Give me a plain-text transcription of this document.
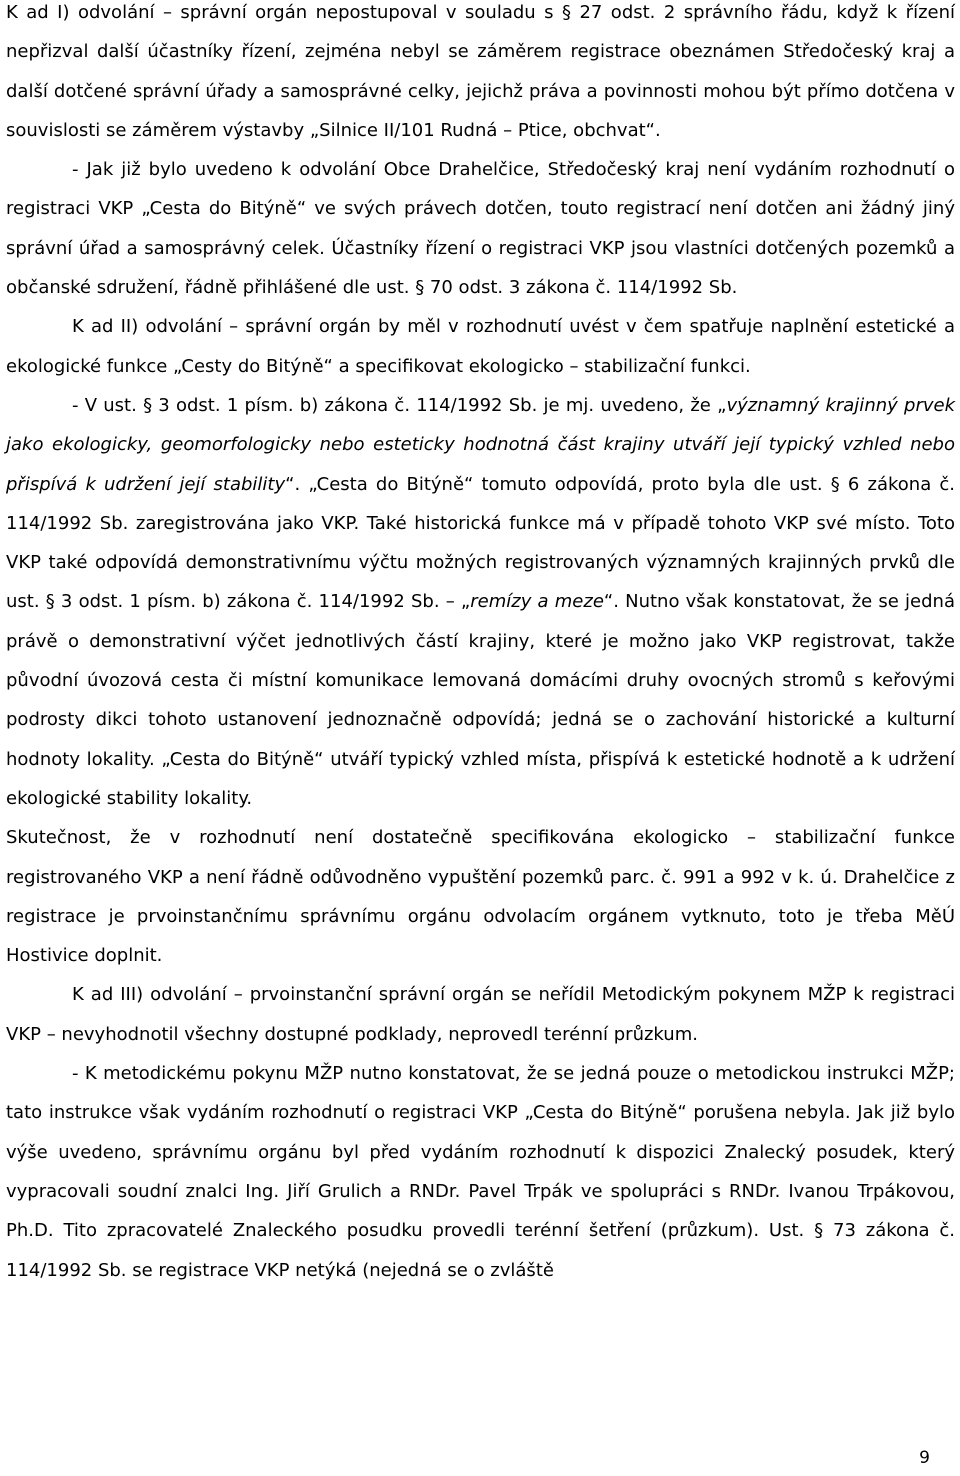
K ad I) odvolání – správní orgán nepostupoval v souladu s § 27 odst. 2 správního řádu, když k řízení nepřizval další účastníky řízení, zejména nebyl se záměrem registrace obeznámen Středočeský kraj a další dotčené správní úřady a samosprávné celky, jejichž práva a povinnosti mohou být přímo dotčena v souvislosti se záměrem výstavby „Silnice II/101 Rudná – Ptice, obchvat“.

- Jak již bylo uvedeno k odvolání Obce Drahelčice, Středočeský kraj není vydáním rozhodnutí o registraci VKP „Cesta do Bitýně“ ve svých právech dotčen, touto registrací není dotčen ani žádný jiný správní úřad a samosprávný celek. Účastníky řízení o registraci VKP jsou vlastníci dotčených pozemků a občanské sdružení, řádně přihlášené dle ust. § 70 odst. 3 zákona č. 114/1992 Sb.

K ad II) odvolání – správní orgán by měl v rozhodnutí uvést v čem spatřuje naplnění estetické a ekologické funkce „Cesty do Bitýně“ a specifikovat ekologicko – stabilizační funkci.

- V ust. § 3 odst. 1 písm. b) zákona č. 114/1992 Sb. je mj. uvedeno, že „významný krajinný prvek jako ekologicky, geomorfologicky nebo esteticky hodnotná část krajiny utváří její typický vzhled nebo přispívá k udržení její stability“. „Cesta do Bitýně“ tomuto odpovídá, proto byla dle ust. § 6 zákona č. 114/1992 Sb. zaregistrována jako VKP. Také historická funkce má v případě tohoto VKP své místo. Toto VKP také odpovídá demonstrativnímu výčtu možných registrovaných významných krajinných prvků dle ust. § 3 odst. 1 písm. b) zákona č. 114/1992 Sb. – „remízy a meze“. Nutno však konstatovat, že se jedná právě o demonstrativní výčet jednotlivých částí krajiny, které je možno jako VKP registrovat, takže původní úvozová cesta či místní komunikace lemovaná domácími druhy ovocných stromů s keřovými podrosty dikci tohoto ustanovení jednoznačně odpovídá; jedná se o zachování historické a kulturní hodnoty lokality. „Cesta do Bitýně“ utváří typický vzhled místa, přispívá k estetické hodnotě a k udržení ekologické stability lokality.

Skutečnost, že v rozhodnutí není dostatečně specifikována ekologicko – stabilizační funkce registrovaného VKP a není řádně odůvodněno vypuštění pozemků parc. č. 991 a 992 v k. ú. Drahelčice z registrace je prvoinstančnímu správnímu orgánu odvolacím orgánem vytknuto, toto je třeba MěÚ Hostivice doplnit.

K ad III) odvolání – prvoinstanční správní orgán se neřídil Metodickým pokynem MŽP k registraci VKP – nevyhodnotil všechny dostupné podklady, neprovedl terénní průzkum.

- K metodickému pokynu MŽP nutno konstatovat, že se jedná pouze o metodickou instrukci MŽP; tato instrukce však vydáním rozhodnutí o registraci VKP „Cesta do Bitýně“ porušena nebyla. Jak již bylo výše uvedeno, správnímu orgánu byl před vydáním rozhodnutí k dispozici Znalecký posudek, který vypracovali soudní znalci Ing. Jiří Grulich a RNDr. Pavel Trpák ve spolupráci s RNDr. Ivanou Trpákovou, Ph.D. Tito zpracovatelé Znaleckého posudku provedli terénní šetření (průzkum). Ust. § 73 zákona č. 114/1992 Sb. se registrace VKP netýká (nejedná se o zvláště

9
